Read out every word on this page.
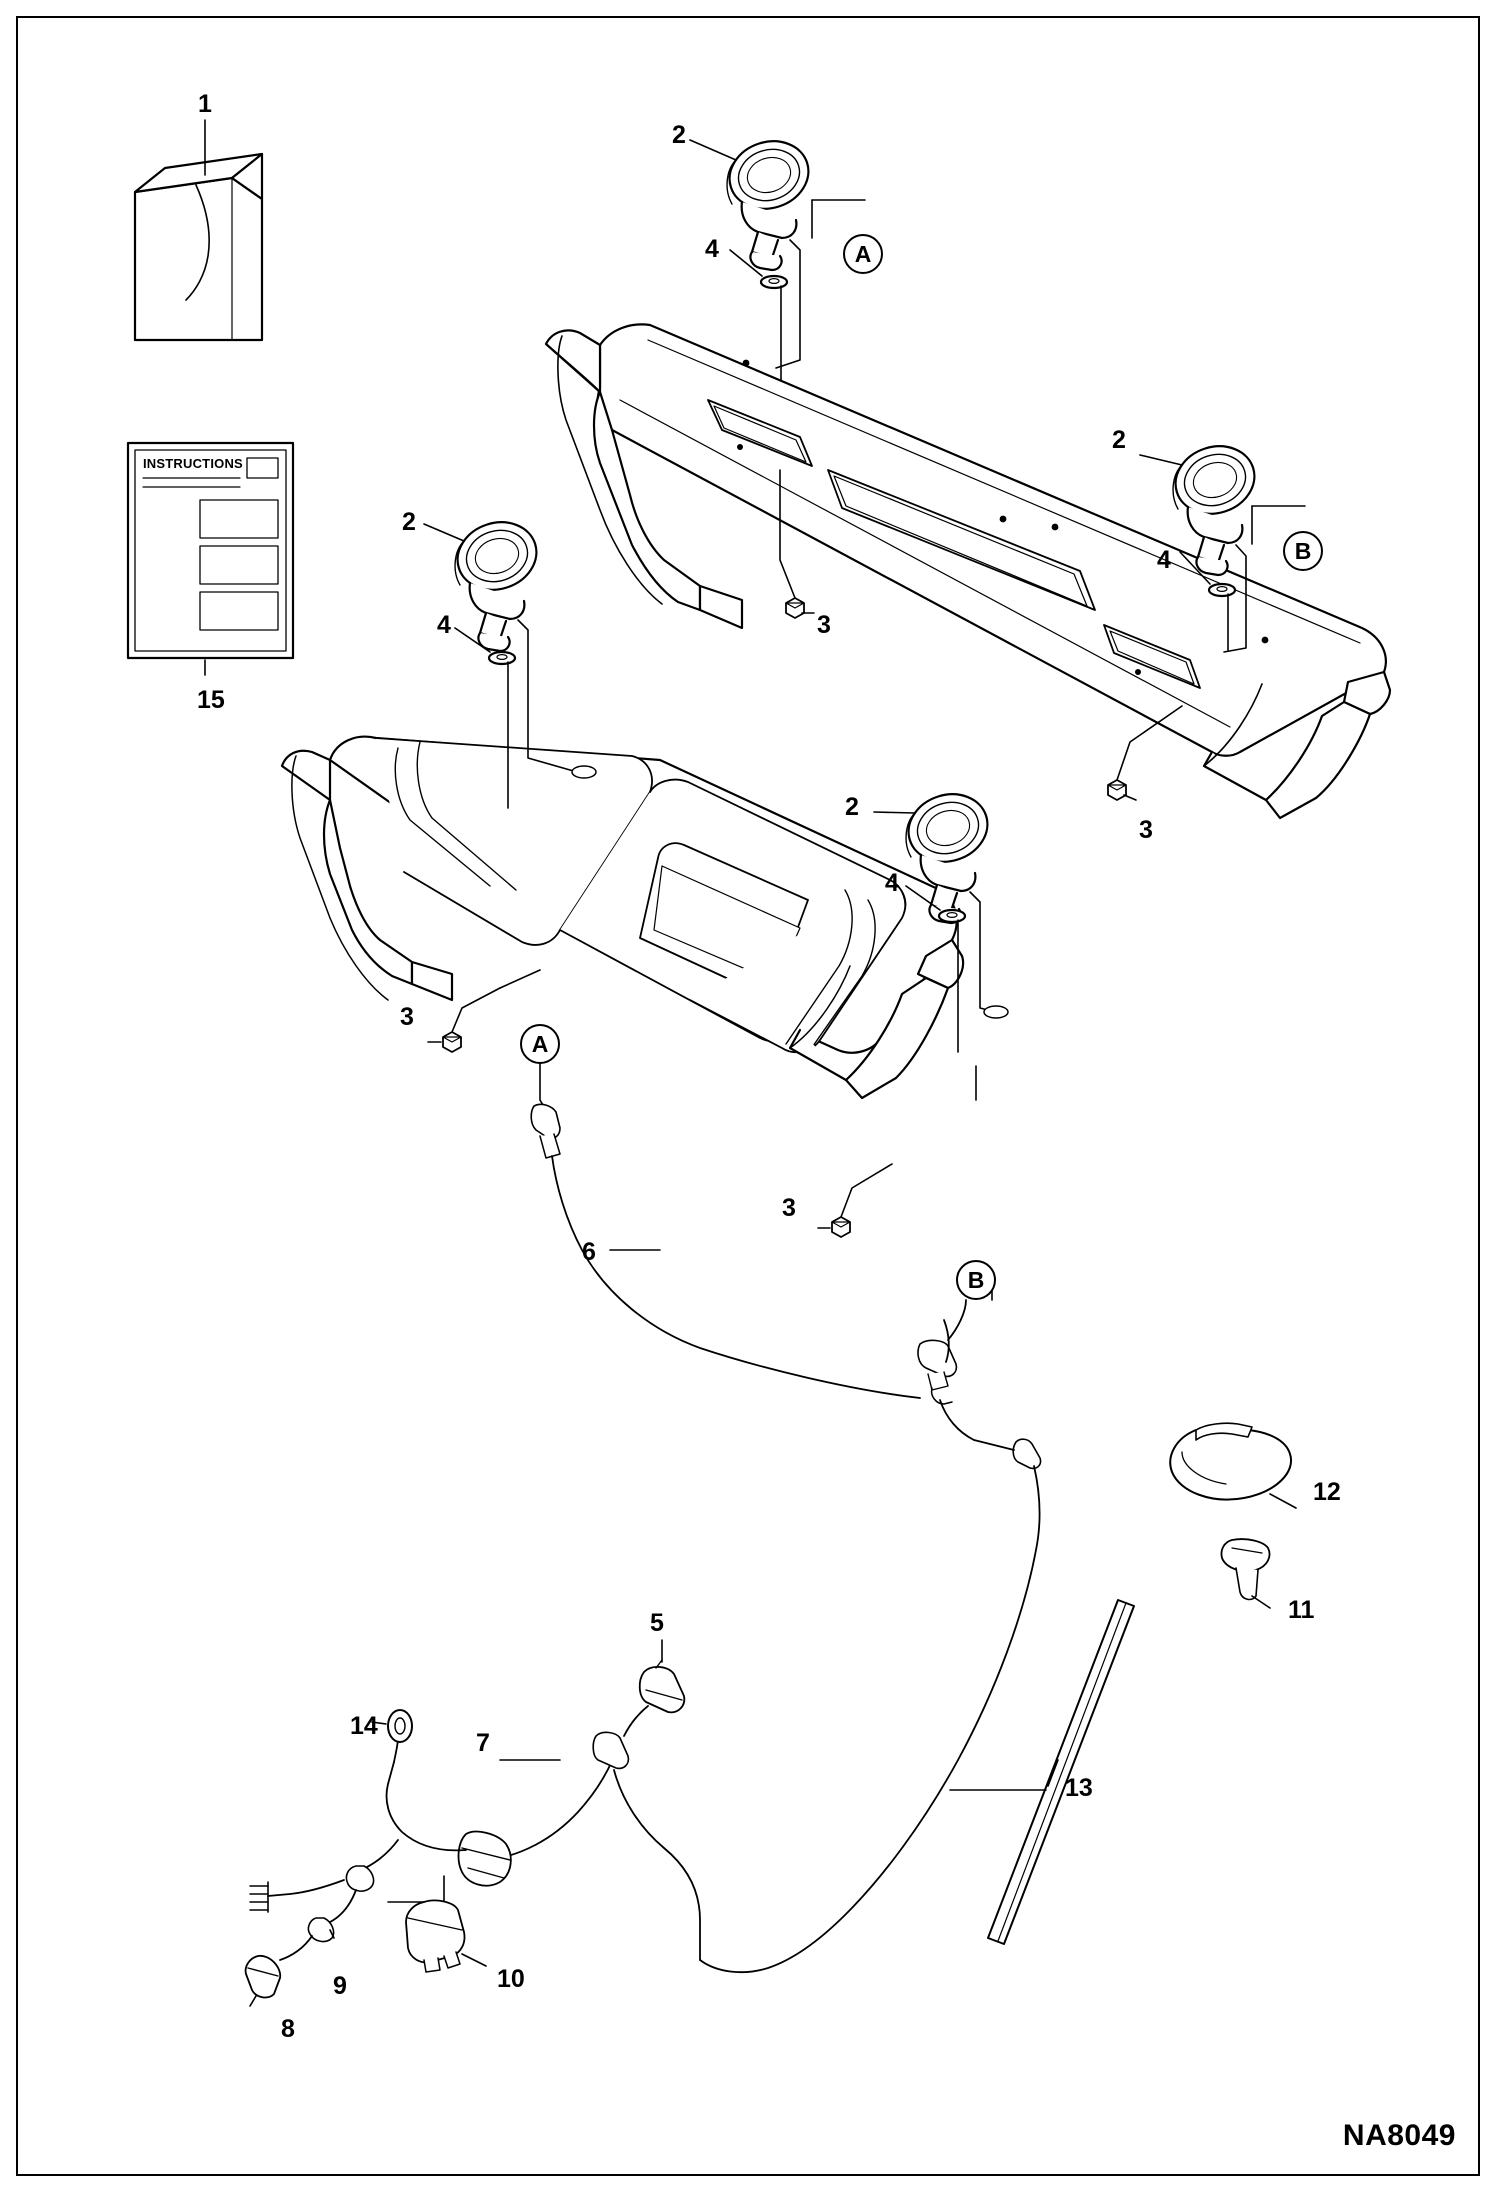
INSTRUCTIONS
1
15
2
4
3
2
4
3
2
4
3
2
4
3
6
12
11
13
5
14
7
8
9	10
A
B
A
B
NA8049
